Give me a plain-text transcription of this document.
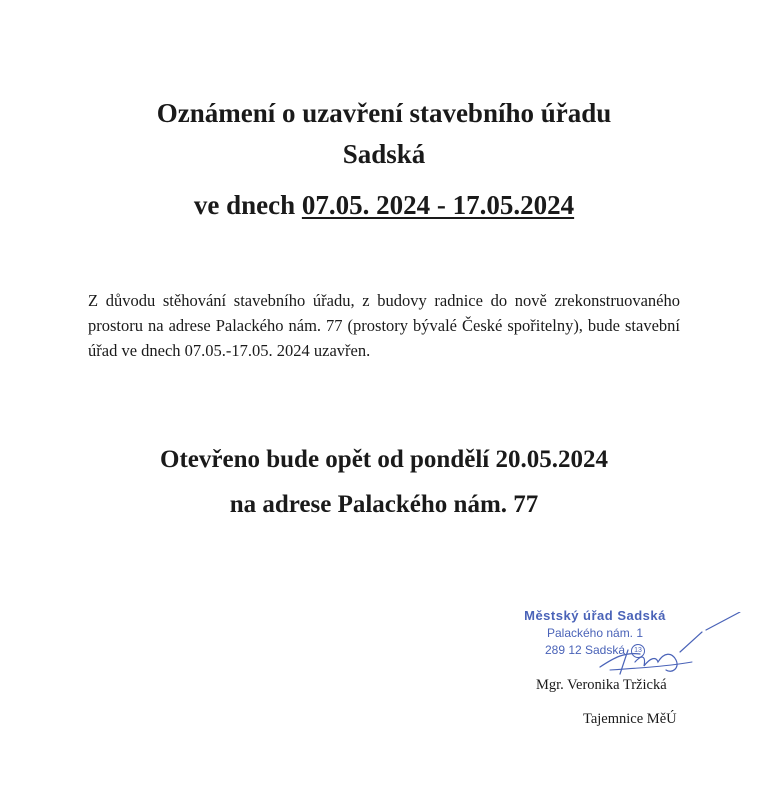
Oznámení o uzavření stavebního úřadu
Sadská
ve dnech 07.05. 2024 - 17.05.2024

Z důvodu stěhování stavebního úřadu, z budovy radnice do nově zrekonstruovaného prostoru na adrese Palackého nám. 77 (prostory bývalé České spořitelny), bude stavební úřad ve dnech 07.05.-17.05. 2024 uzavřen.

Otevřeno bude opět od pondělí 20.05.2024
na adrese Palackého nám. 77
Městský úřad Sadská
Palackého nám. 1
289 12 Sadská 13
Mgr. Veronika Tržická
Tajemnice MěÚ
